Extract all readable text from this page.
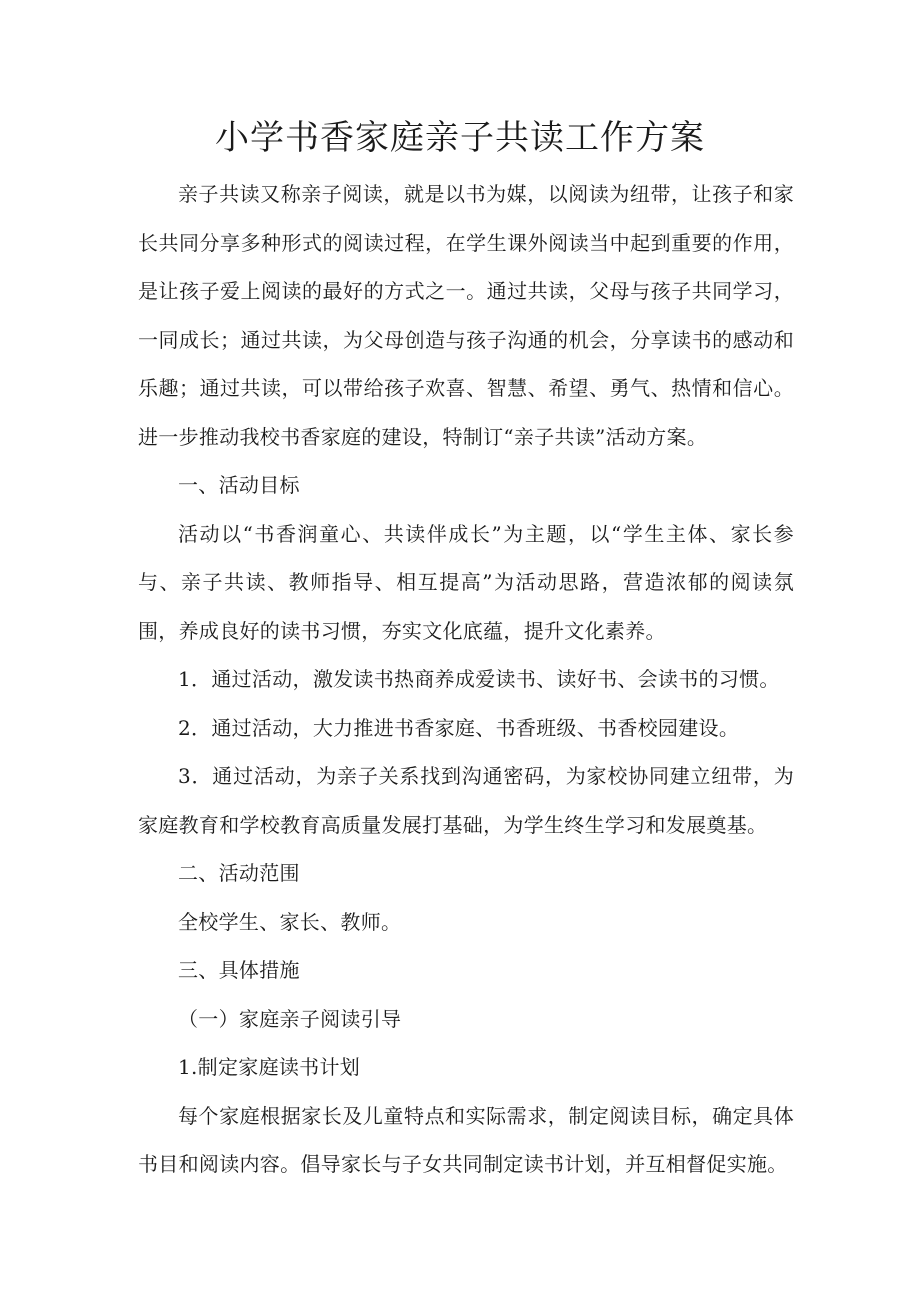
小学书香家庭亲子共读工作方案

亲子共读又称亲子阅读，就是以书为媒，以阅读为纽带，让孩子和家长共同分享多种形式的阅读过程，在学生课外阅读当中起到重要的作用，是让孩子爱上阅读的最好的方式之一。通过共读，父母与孩子共同学习，一同成长；通过共读，为父母创造与孩子沟通的机会，分享读书的感动和乐趣；通过共读，可以带给孩子欢喜、智慧、希望、勇气、热情和信心。进一步推动我校书香家庭的建设，特制订“亲子共读”活动方案。

一、活动目标

活动以“书香润童心、共读伴成长”为主题，以“学生主体、家长参与、亲子共读、教师指导、相互提高”为活动思路，营造浓郁的阅读氛围，养成良好的读书习惯，夯实文化底蕴，提升文化素养。

1．通过活动，激发读书热商养成爱读书、读好书、会读书的习惯。

2．通过活动，大力推进书香家庭、书香班级、书香校园建设。

3．通过活动，为亲子关系找到沟通密码，为家校协同建立纽带，为家庭教育和学校教育高质量发展打基础，为学生终生学习和发展奠基。

二、活动范围

全校学生、家长、教师。

三、具体措施

（一）家庭亲子阅读引导

1.制定家庭读书计划

每个家庭根据家长及儿童特点和实际需求，制定阅读目标，确定具体书目和阅读内容。倡导家长与子女共同制定读书计划，并互相督促实施。
